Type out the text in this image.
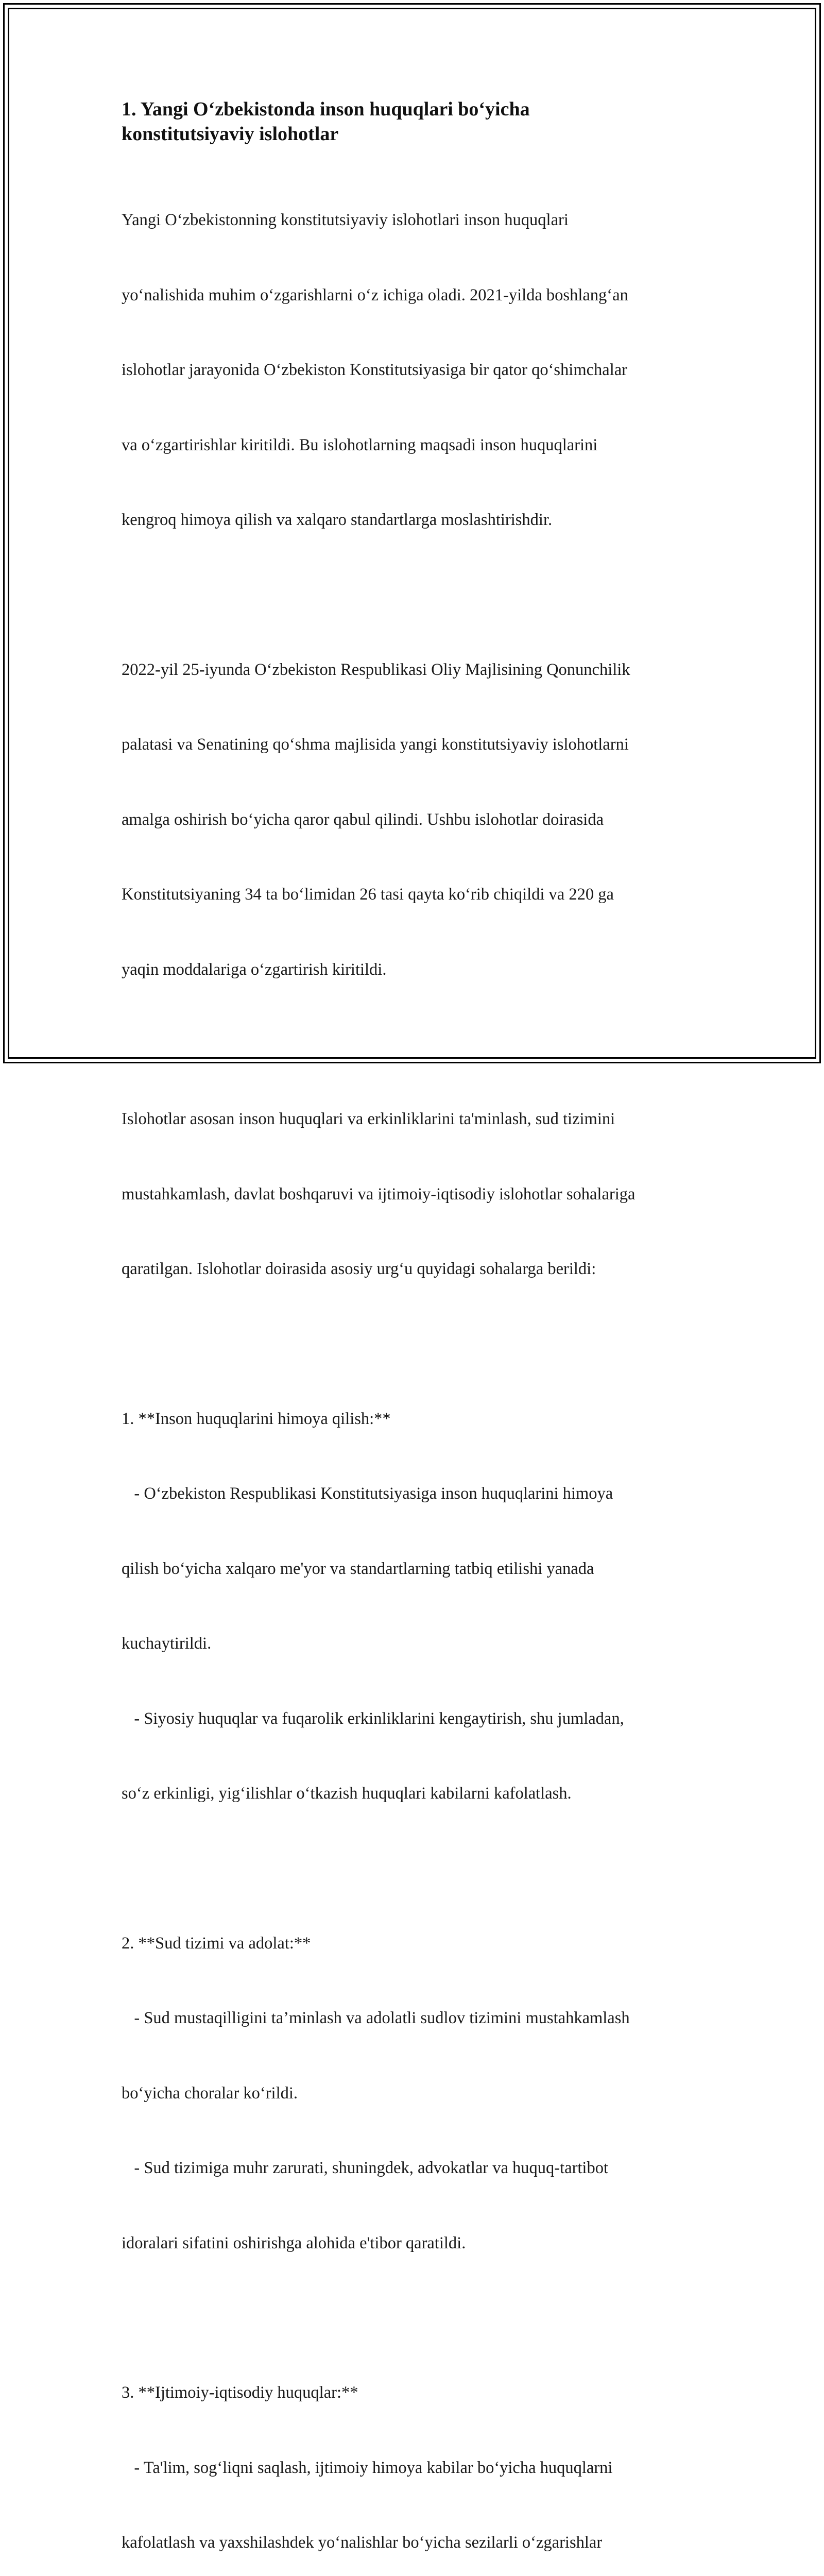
1. Yangi O‘zbekistonda inson huquqlari bo‘yicha
konstitutsiyaviy islohotlar

Yangi O‘zbekistonning konstitutsiyaviy islohotlari inson huquqlari

yo‘nalishida muhim o‘zgarishlarni o‘z ichiga oladi. 2021-yilda boshlang‘an

islohotlar jarayonida O‘zbekiston Konstitutsiyasiga bir qator qo‘shimchalar

va o‘zgartirishlar kiritildi. Bu islohotlarning maqsadi inson huquqlarini

kengroq himoya qilish va xalqaro standartlarga moslashtirishdir.

2022-yil 25-iyunda O‘zbekiston Respublikasi Oliy Majlisining Qonunchilik

palatasi va Senatining qo‘shma majlisida yangi konstitutsiyaviy islohotlarni

amalga oshirish bo‘yicha qaror qabul qilindi. Ushbu islohotlar doirasida

Konstitutsiyaning 34 ta bo‘limidan 26 tasi qayta ko‘rib chiqildi va 220 ga

yaqin moddalariga o‘zgartirish kiritildi.

Islohotlar asosan inson huquqlari va erkinliklarini ta'minlash, sud tizimini

mustahkamlash, davlat boshqaruvi va ijtimoiy-iqtisodiy islohotlar sohalariga

qaratilgan. Islohotlar doirasida asosiy urg‘u quyidagi sohalarga berildi:

1. **Inson huquqlarini himoya qilish:**

- O‘zbekiston Respublikasi Konstitutsiyasiga inson huquqlarini himoya

qilish bo‘yicha xalqaro me'yor va standartlarning tatbiq etilishi yanada

kuchaytirildi.

- Siyosiy huquqlar va fuqarolik erkinliklarini kengaytirish, shu jumladan,

so‘z erkinligi, yig‘ilishlar o‘tkazish huquqlari kabilarni kafolatlash.

2. **Sud tizimi va adolat:**

- Sud mustaqilligini ta’minlash va adolatli sudlov tizimini mustahkamlash

bo‘yicha choralar ko‘rildi.

- Sud tizimiga muhr zarurati, shuningdek, advokatlar va huquq-tartibot

idoralari sifatini oshirishga alohida e'tibor qaratildi.

3. **Ijtimoiy-iqtisodiy huquqlar:**

- Ta'lim, sog‘liqni saqlash, ijtimoiy himoya kabilar bo‘yicha huquqlarni

kafolatlash va yaxshilashdek yo‘nalishlar bo‘yicha sezilarli o‘zgarishlar
